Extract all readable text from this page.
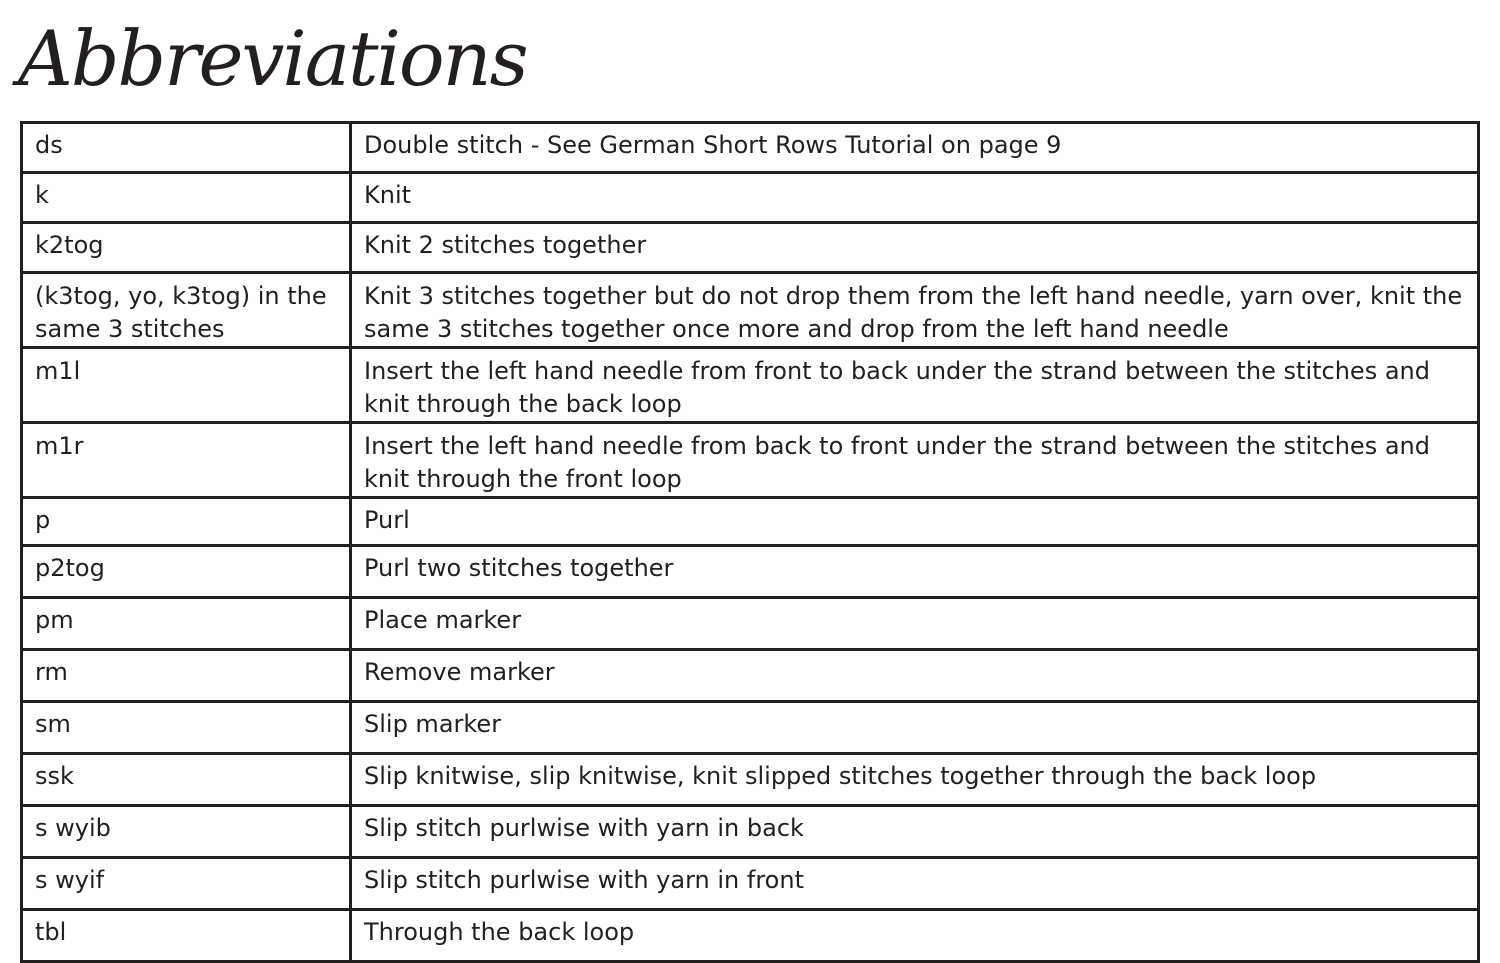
Abbreviations
ds	Double stitch - See German Short Rows Tutorial on page 9
k	Knit
k2tog	Knit 2 stitches together
(k3tog, yo, k3tog) in the same 3 stitches	Knit 3 stitches together but do not drop them from the left hand needle, yarn over, knit the same 3 stitches together once more and drop from the left hand needle
m1l	Insert the left hand needle from front to back under the strand between the stitches and knit through the back loop
m1r	Insert the left hand needle from back to front under the strand between the stitches and knit through the front loop
p	Purl
p2tog	Purl two stitches together
pm	Place marker
rm	Remove marker
sm	Slip marker
ssk	Slip knitwise, slip knitwise, knit slipped stitches together through the back loop
s wyib	Slip stitch purlwise with yarn in back
s wyif	Slip stitch purlwise with yarn in front
tbl	Through the back loop
